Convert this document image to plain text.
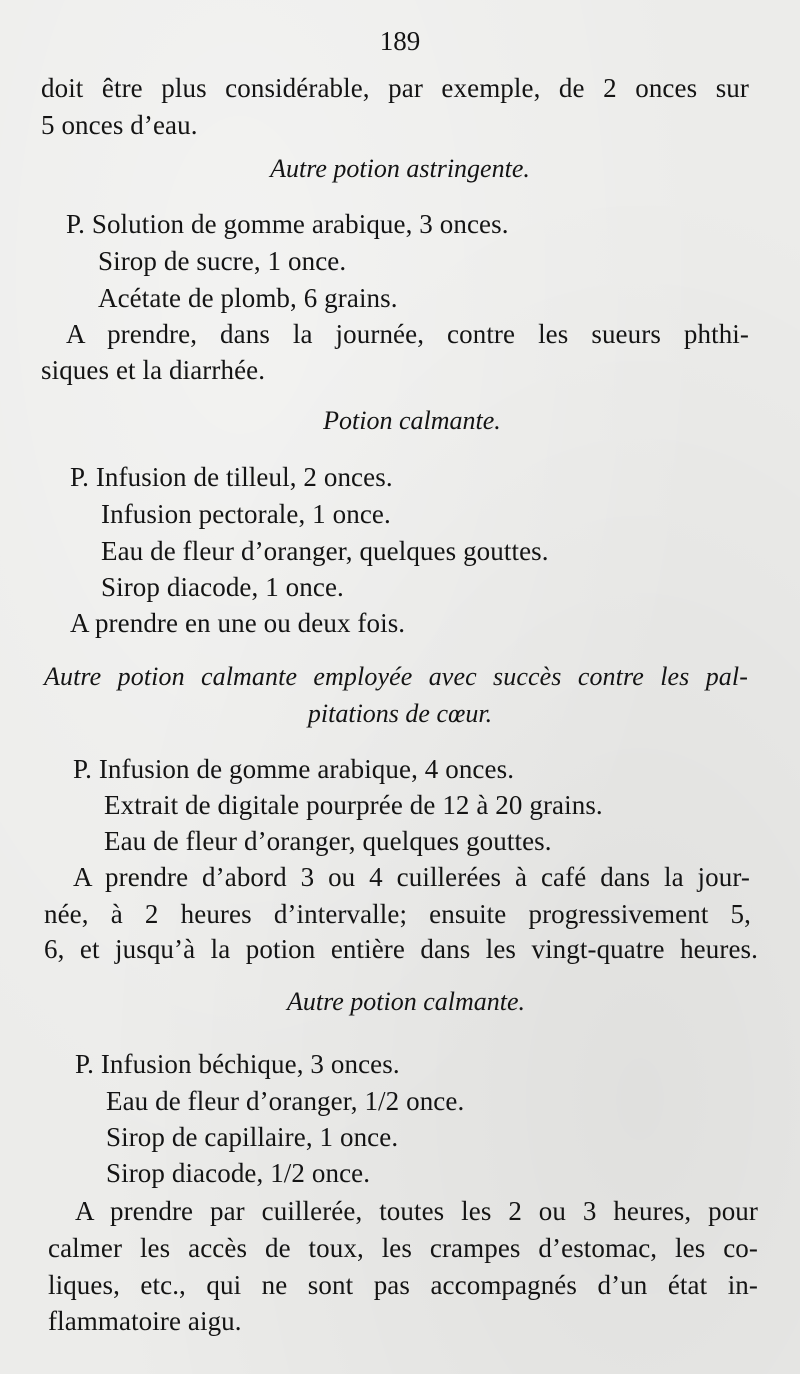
189
doit être plus considérable, par exemple, de 2 onces sur
5 onces d’eau.
Autre potion astringente.
P. Solution de gomme arabique, 3 onces.
Sirop de sucre, 1 once.
Acétate de plomb, 6 grains.
A prendre, dans la journée, contre les sueurs phthi-
siques et la diarrhée.
Potion calmante.
P. Infusion de tilleul, 2 onces.
Infusion pectorale, 1 once.
Eau de fleur d’oranger, quelques gouttes.
Sirop diacode, 1 once.
A prendre en une ou deux fois.
Autre potion calmante employée avec succès contre les pal-
pitations de cœur.
P. Infusion de gomme arabique, 4 onces.
Extrait de digitale pourprée de 12 à 20 grains.
Eau de fleur d’oranger, quelques gouttes.
A prendre d’abord 3 ou 4 cuillerées à café dans la jour-
née, à 2 heures d’intervalle; ensuite progressivement 5,
6, et jusqu’à la potion entière dans les vingt-quatre heures.
Autre potion calmante.
P. Infusion béchique, 3 onces.
Eau de fleur d’oranger, 1/2 once.
Sirop de capillaire, 1 once.
Sirop diacode, 1/2 once.
A prendre par cuillerée, toutes les 2 ou 3 heures, pour
calmer les accès de toux, les crampes d’estomac, les co-
liques, etc., qui ne sont pas accompagnés d’un état in-
flammatoire aigu.
